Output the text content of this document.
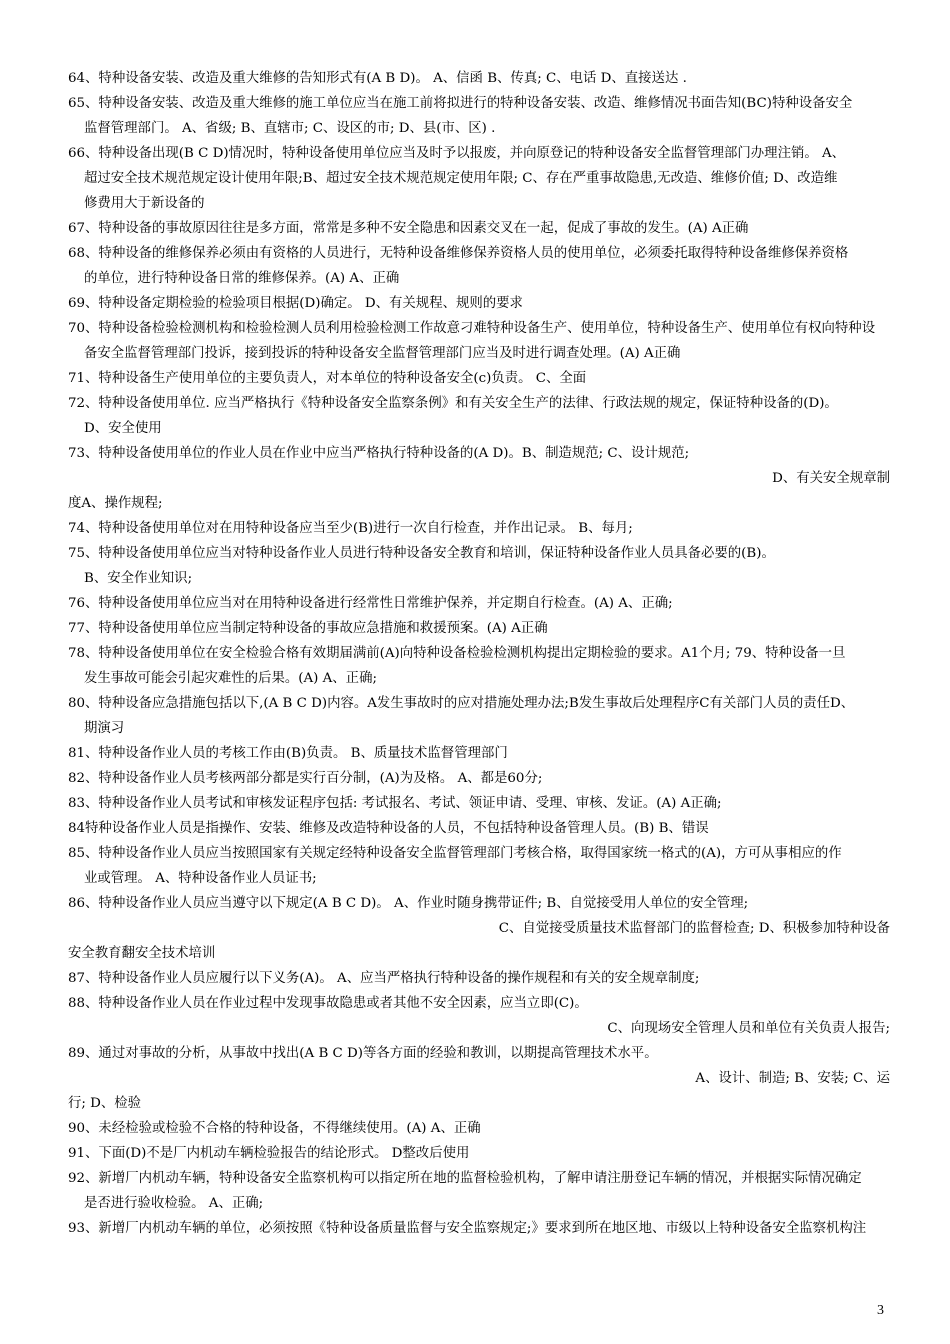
64、特种设备安装、改造及重大维修的告知形式有(A B D)。 A、信函 B、传真; C、电话 D、直接送达 .
65、特种设备安装、改造及重大维修的施工单位应当在施工前将拟进行的特种设备安装、改造、维修情况书面告知(BC)特种设备安全
监督管理部门。 A、省级; B、直辖市; C、设区的市; D、县(市、区) .
66、特种设备出现(B C D)情况时，特种设备使用单位应当及时予以报废，并向原登记的特种设备安全监督管理部门办理注销。 A、
超过安全技术规范规定设计使用年限;B、超过安全技术规范规定使用年限; C、存在严重事故隐患,无改造、维修价值; D、改造维
修费用大于新设备的
67、特种设备的事故原因往往是多方面，常常是多种不安全隐患和因素交叉在一起，促成了事故的发生。(A) A正确
68、特种设备的维修保养必须由有资格的人员进行，无特种设备维修保养资格人员的使用单位，必须委托取得特种设备维修保养资格
的单位，进行特种设备日常的维修保养。(A) A、正确
69、特种设备定期检验的检验项目根据(D)确定。 D、有关规程、规则的要求
70、特种设备检验检测机构和检验检测人员利用检验检测工作故意刁难特种设备生产、使用单位，特种设备生产、使用单位有权向特种设
备安全监督管理部门投诉，接到投诉的特种设备安全监督管理部门应当及时进行调查处理。(A) A正确
71、特种设备生产使用单位的主要负责人，对本单位的特种设备安全(c)负责。 C、全面
72、特种设备使用单位. 应当严格执行《特种设备安全监察条例》和有关安全生产的法律、行政法规的规定，保证特种设备的(D)。
D、安全使用
73、特种设备使用单位的作业人员在作业中应当严格执行特种设备的(A D)。B、制造规范; C、设计规范;
D、有关安全规章制
度A、操作规程;
74、特种设备使用单位对在用特种设备应当至少(B)进行一次自行检查，并作出记录。 B、每月;
75、特种设备使用单位应当对特种设备作业人员进行特种设备安全教育和培训，保证特种设备作业人员具备必要的(B)。
B、安全作业知识;
76、特种设备使用单位应当对在用特种设备进行经常性日常维护保养，并定期自行检查。(A) A、正确;
77、特种设备使用单位应当制定特种设备的事故应急措施和救援预案。(A) A正确
78、特种设备使用单位在安全检验合格有效期届满前(A)向特种设备检验检测机构提出定期检验的要求。A1个月; 79、特种设备一旦
发生事故可能会引起灾难性的后果。(A) A、正确;
80、特种设备应急措施包括以下,(A B C D)内容。A发生事故时的应对措施处理办法;B发生事故后处理程序C有关部门人员的责任D、
期演习
81、特种设备作业人员的考核工作由(B)负责。 B、质量技术监督管理部门
82、特种设备作业人员考核两部分都是实行百分制，(A)为及格。 A、都是60分;
83、特种设备作业人员考试和审核发证程序包括: 考试报名、考试、领证申请、受理、审核、发证。(A) A正确;
84特种设备作业人员是指操作、安装、维修及改造特种设备的人员，不包括特种设备管理人员。(B) B、错误
85、特种设备作业人员应当按照国家有关规定经特种设备安全监督管理部门考核合格，取得国家统一格式的(A)，方可从事相应的作
业或管理。 A、特种设备作业人员证书;
86、特种设备作业人员应当遵守以下规定(A B C D)。 A、作业时随身携带证件; B、自觉接受用人单位的安全管理;
C、自觉接受质量技术监督部门的监督检查; D、积极参加特种设备
安全教育翻安全技术培训
87、特种设备作业人员应履行以下义务(A)。 A、应当严格执行特种设备的操作规程和有关的安全规章制度;
88、特种设备作业人员在作业过程中发现事故隐患或者其他不安全因素，应当立即(C)。
C、向现场安全管理人员和单位有关负责人报告;
89、通过对事故的分析，从事故中找出(A B C D)等各方面的经验和教训，以期提高管理技术水平。
A、设计、制造; B、安装; C、运
行; D、检验
90、未经检验或检验不合格的特种设备，不得继续使用。(A) A、正确
91、下面(D)不是厂内机动车辆检验报告的结论形式。 D整改后使用
92、新增厂内机动车辆，特种设备安全监察机构可以指定所在地的监督检验机构，了解申请注册登记车辆的情况，并根据实际情况确定
是否进行验收检验。 A、正确;
93、新增厂内机动车辆的单位，必须按照《特种设备质量监督与安全监察规定;》要求到所在地区地、市级以上特种设备安全监察机构注
3
